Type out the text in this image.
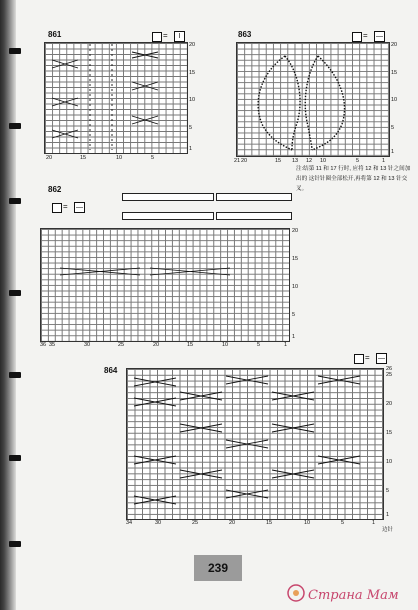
861	=	I
20
15
10
5
1
20	15	10	5
863	= —
20
15
10
5
1
21 20	15 13 12 10	5	1
注:结第 11 和 17 行时, 应将 12 和 13 针之间加出的 这针针圈全部松开,再将第 12 和 13 针交叉。
862
= —
20
15
10
5
1
36 35	30	25	20	15	10	5	1
864
= —
26
25
20
15
10
5
1
34	30	25	20	15	10	5	1
边针
239
Страна Мам
